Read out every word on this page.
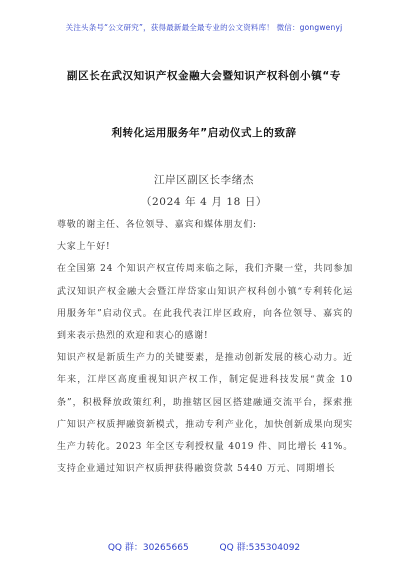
关注头条号“公文研究”，获得最新最全最专业的公文资料库！ 微信：gongwenyj
副区长在武汉知识产权金融大会暨知识产权科创小镇“专
利转化运用服务年”启动仪式上的致辞
江岸区副区长李绪杰
（2024 年 4 月 18 日）

尊敬的谢主任、各位领导、嘉宾和媒体朋友们:

大家上午好!

在全国第 24 个知识产权宣传周来临之际，我们齐聚一堂，共同参加武汉知识产权金融大会暨江岸岱家山知识产权科创小镇“专利转化运用服务年”启动仪式。在此我代表江岸区政府，向各位领导、嘉宾的到来表示热烈的欢迎和衷心的感谢!

知识产权是新质生产力的关键要素，是推动创新发展的核心动力。近年来，江岸区高度重视知识产权工作，制定促进科技发展“黄金 10 条”，积极释放政策红利，助推辖区园区搭建融通交流平台，探索推广知识产权质押融资新模式，推动专利产业化，加快创新成果向现实生产力转化。2023 年全区专利授权量 4019 件、同比增长 41%。支持企业通过知识产权质押获得融资贷款 5440 万元、同期增长

QQ 群：30265665	QQ 群:535304092
